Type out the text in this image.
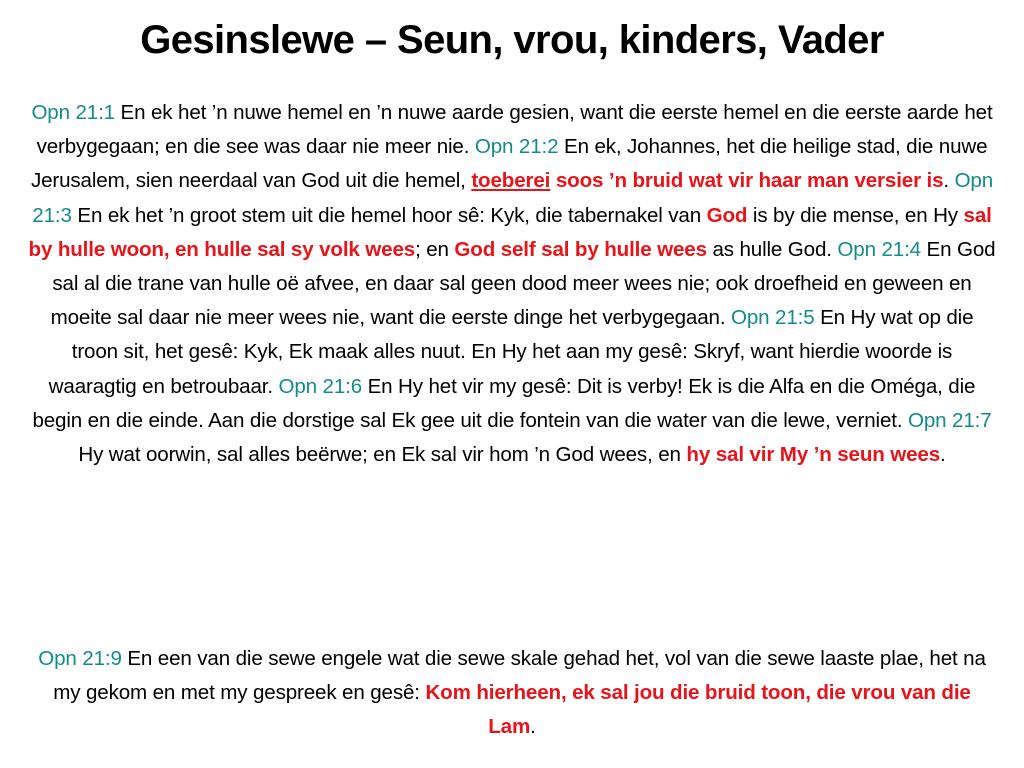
Gesinslewe – Seun, vrou, kinders, Vader
Opn 21:1 En ek het ’n nuwe hemel en ’n nuwe aarde gesien, want die eerste hemel en die eerste aarde het verbygegaan; en die see was daar nie meer nie. Opn 21:2 En ek, Johannes, het die heilige stad, die nuwe Jerusalem, sien neerdaal van God uit die hemel, toeberei soos ’n bruid wat vir haar man versier is. Opn 21:3 En ek het ’n groot stem uit die hemel hoor sê: Kyk, die tabernakel van God is by die mense, en Hy sal by hulle woon, en hulle sal sy volk wees; en God self sal by hulle wees as hulle God. Opn 21:4 En God sal al die trane van hulle oë afvee, en daar sal geen dood meer wees nie; ook droefheid en geween en moeite sal daar nie meer wees nie, want die eerste dinge het verbygegaan. Opn 21:5 En Hy wat op die troon sit, het gesê: Kyk, Ek maak alles nuut. En Hy het aan my gesê: Skryf, want hierdie woorde is waaragtig en betroubaar. Opn 21:6 En Hy het vir my gesê: Dit is verby! Ek is die Alfa en die Oméga, die begin en die einde. Aan die dorstige sal Ek gee uit die fontein van die water van die lewe, verniet. Opn 21:7 Hy wat oorwin, sal alles beërwe; en Ek sal vir hom ’n God wees, en hy sal vir My ’n seun wees.
Opn 21:9 En een van die sewe engele wat die sewe skale gehad het, vol van die sewe laaste plae, het na my gekom en met my gespreek en gesê: Kom hierheen, ek sal jou die bruid toon, die vrou van die Lam.
